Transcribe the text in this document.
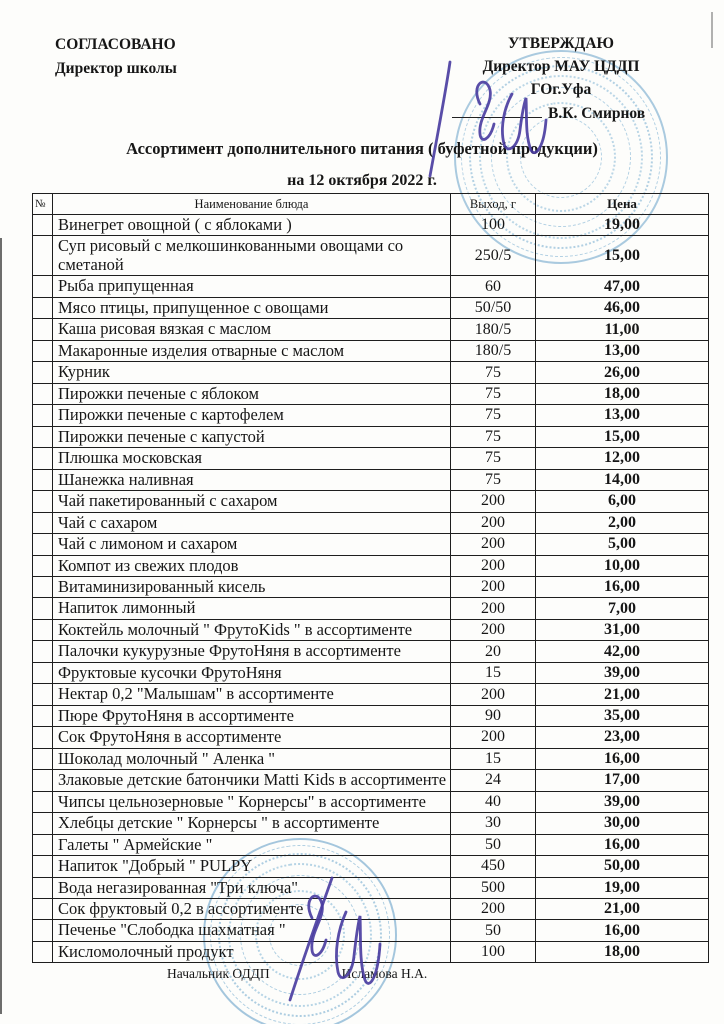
СОГЛАСОВАНО
Директор школы
УТВЕРЖДАЮ
Директор МАУ ЦДДП
ГОг.Уфа
В.К. Смирнов
Ассортимент дополнительного питания ( буфетной продукции)
на 12 октября 2022 г.
№	Наименование блюда	Выход, г	Цена
	Винегрет овощной ( с яблоками )	100	19,00
	Суп рисовый с мелкошинкованными овощами со сметаной	250/5	15,00
	Рыба припущенная	60	47,00
	Мясо птицы, припущенное с овощами	50/50	46,00
	Каша рисовая вязкая с маслом	180/5	11,00
	Макаронные изделия отварные с маслом	180/5	13,00
	Курник	75	26,00
	Пирожки печеные с яблоком	75	18,00
	Пирожки печеные с картофелем	75	13,00
	Пирожки печеные с капустой	75	15,00
	Плюшка московская	75	12,00
	Шанежка наливная	75	14,00
	Чай пакетированный с сахаром	200	6,00
	Чай с сахаром	200	2,00
	Чай с лимоном и сахаром	200	5,00
	Компот из свежих плодов	200	10,00
	Витаминизированный кисель	200	16,00
	Напиток лимонный	200	7,00
	Коктейль молочный " ФрутоKids " в ассортименте	200	31,00
	Палочки кукурузные ФрутоНяня в ассортименте	20	42,00
	Фруктовые кусочки ФрутоНяня	15	39,00
	Нектар 0,2 "Малышам" в ассортименте	200	21,00
	Пюре ФрутоНяня в ассортименте	90	35,00
	Сок ФрутоНяня в ассортименте	200	23,00
	Шоколад молочный " Аленка "	15	16,00
	Злаковые детские батончики Matti Kids в ассортименте	24	17,00
	Чипсы цельнозерновые " Корнерсы" в ассортименте	40	39,00
	Хлебцы детские " Корнерсы " в ассортименте	30	30,00
	Галеты " Армейские "	50	16,00
	Напиток "Добрый " PULPY	450	50,00
	Вода негазированная "Три ключа"	500	19,00
	Сок фруктовый 0,2 в ассортименте	200	21,00
	Печенье "Слободка шахматная "	50	16,00
	Кисломолочный продукт	100	18,00
Начальник ОДДП	Исламова Н.А.
